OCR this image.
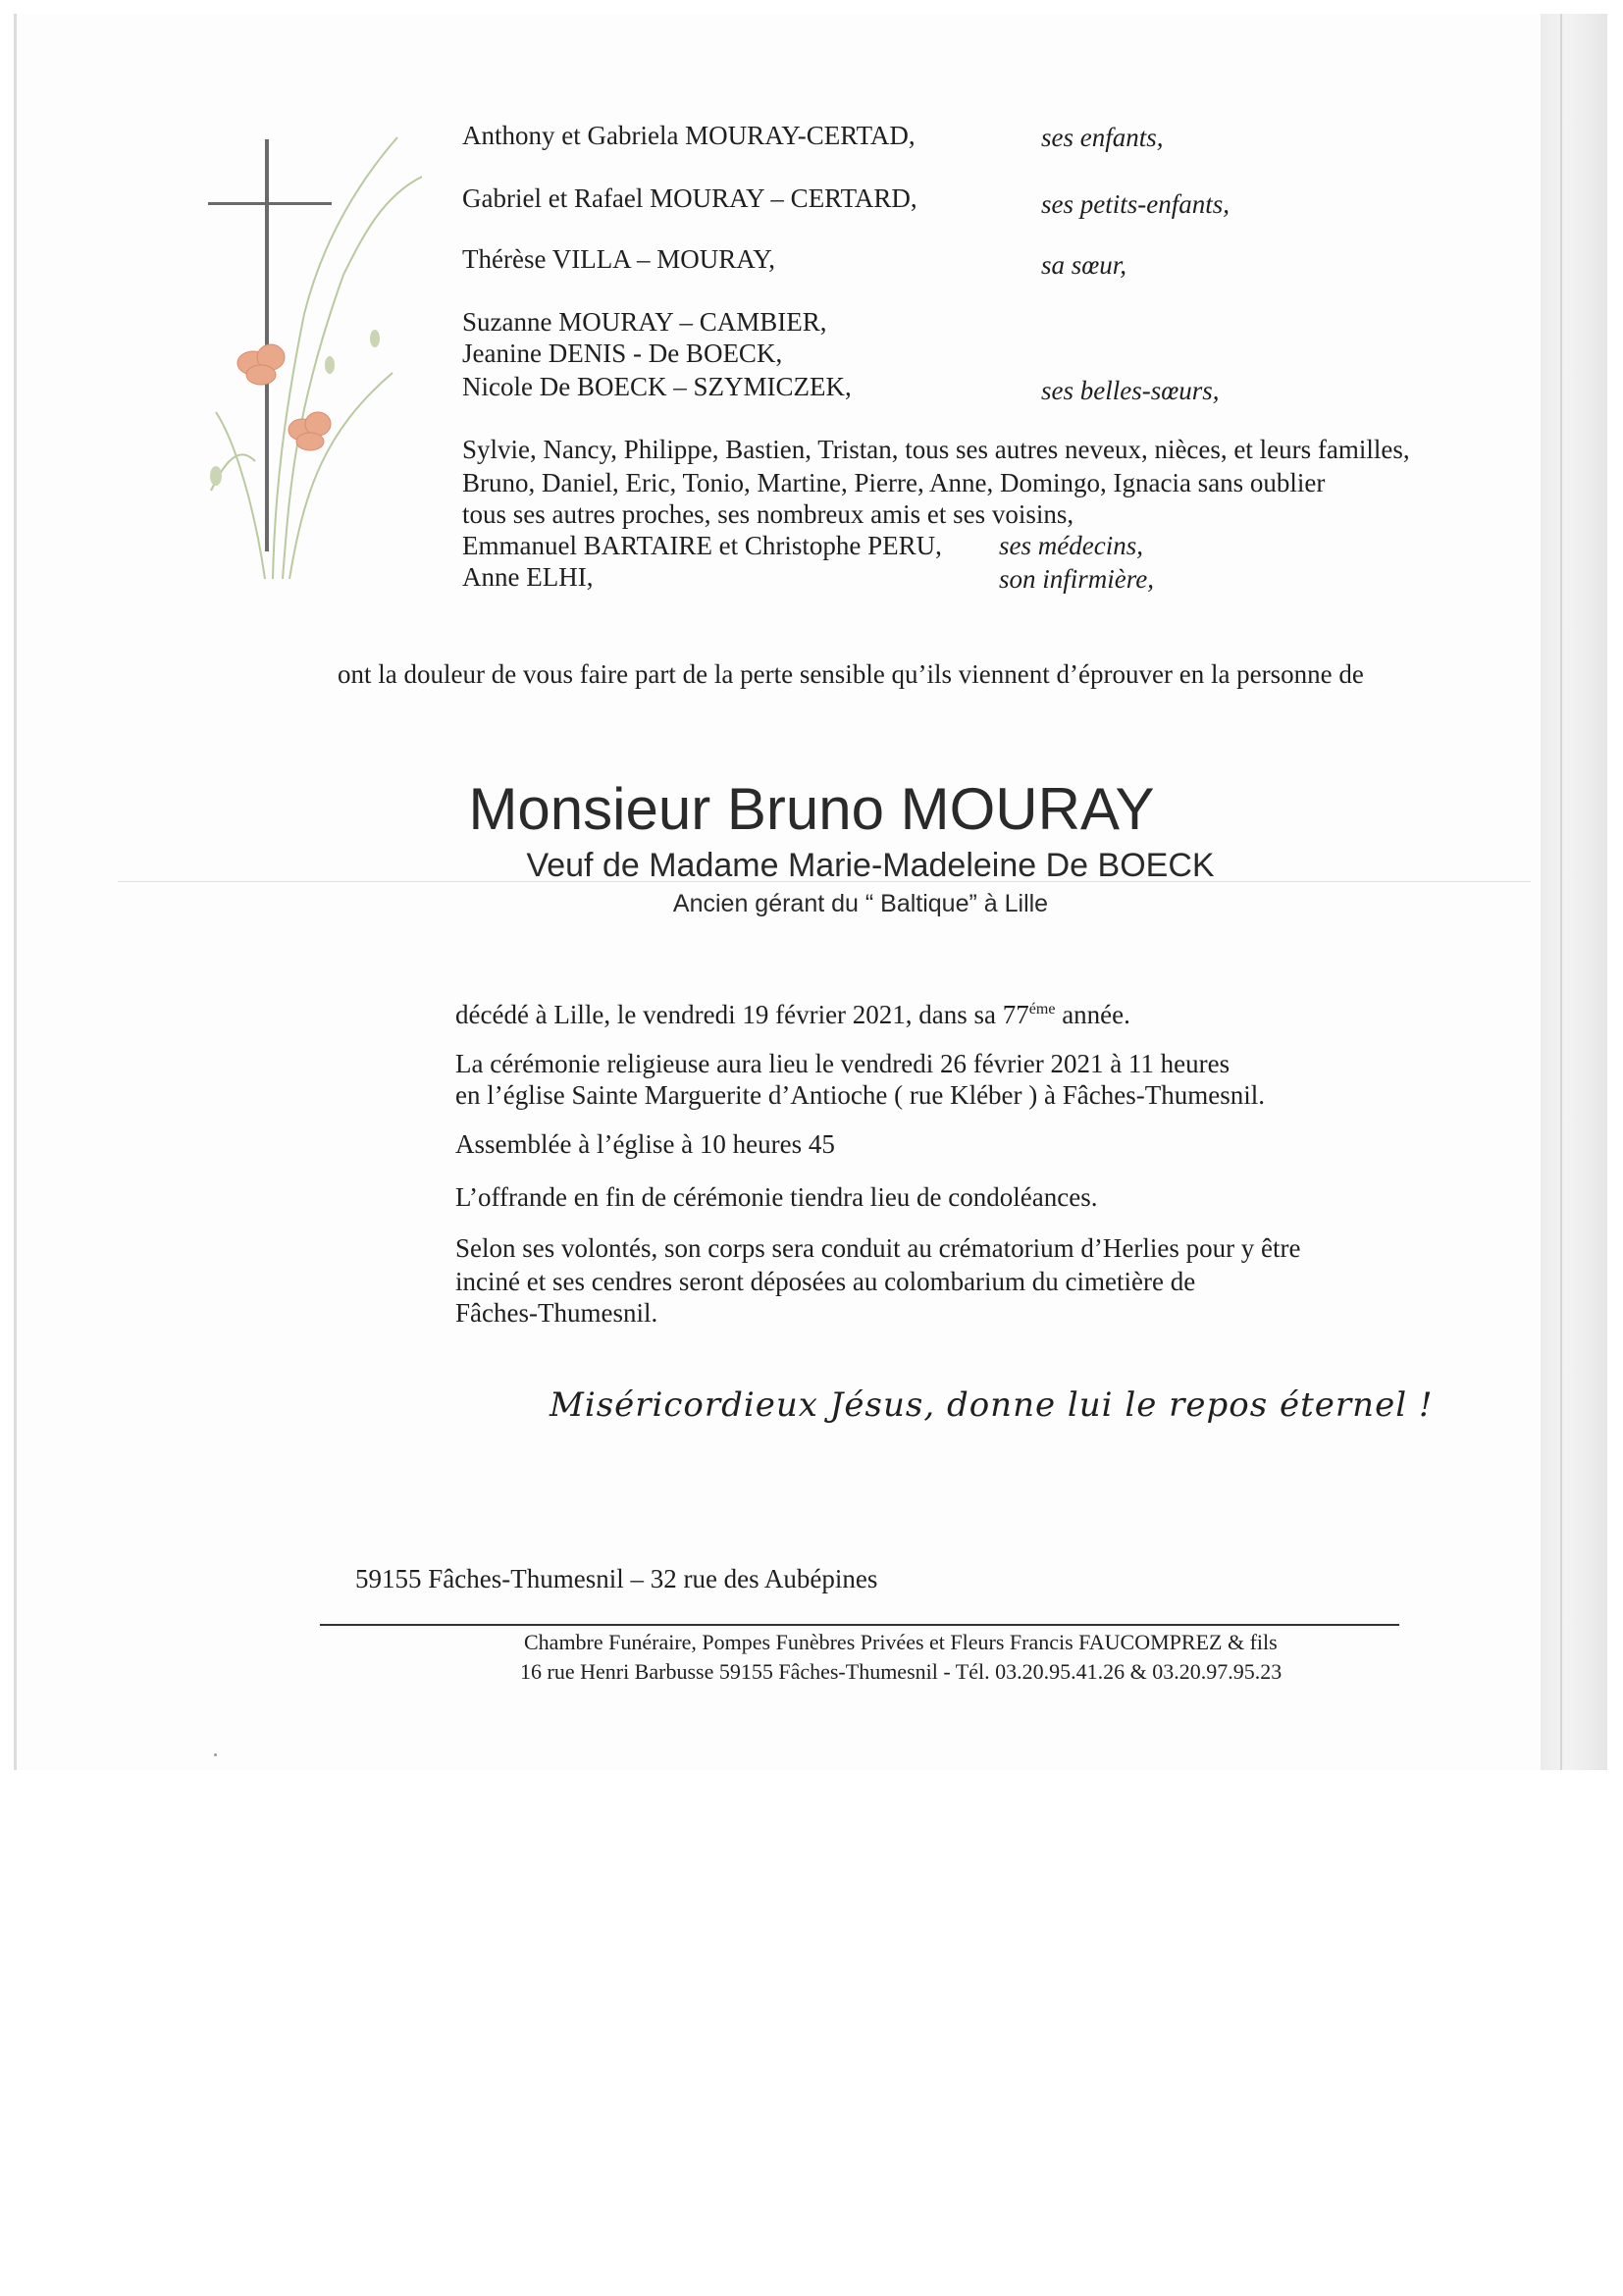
Anthony et Gabriela MOURAY-CERTAD,	ses enfants,
Gabriel et Rafael MOURAY – CERTARD,	ses petits-enfants,
Thérèse VILLA – MOURAY,	sa sœur,
Suzanne MOURAY – CAMBIER,
Jeanine DENIS - De BOECK,
Nicole De BOECK – SZYMICZEK,	ses belles-sœurs,
Sylvie, Nancy, Philippe, Bastien, Tristan, tous ses autres neveux, nièces, et leurs familles,
Bruno, Daniel, Eric, Tonio, Martine, Pierre, Anne, Domingo, Ignacia sans oublier
tous ses autres proches, ses nombreux amis et ses voisins,
Emmanuel BARTAIRE et Christophe PERU, ses médecins,
Anne ELHI,	son infirmière,
ont la douleur de vous faire part de la perte sensible qu’ils viennent d’éprouver en la personne de
Monsieur Bruno MOURAY
Veuf de Madame Marie-Madeleine De BOECK
Ancien gérant du “ Baltique” à Lille
décédé à Lille, le vendredi 19 février 2021, dans sa $77^{éme}$ année.
La cérémonie religieuse aura lieu le vendredi 26 février 2021 à 11 heures
en l’église Sainte Marguerite d’Antioche ( rue Kléber ) à Fâches-Thumesnil.
Assemblée à l’église à 10 heures 45
L’offrande en fin de cérémonie tiendra lieu de condoléances.
Selon ses volontés, son corps sera conduit au crématorium d’Herlies pour y être
inciné et ses cendres seront déposées au colombarium du cimetière de
Fâches-Thumesnil.
Miséricordieux Jésus, donne lui le repos éternel !
59155 Fâches-Thumesnil – 32 rue des Aubépines
Chambre Funéraire, Pompes Funèbres Privées et Fleurs Francis FAUCOMPREZ & fils
16 rue Henri Barbusse 59155 Fâches-Thumesnil - Tél. 03.20.95.41.26 & 03.20.97.95.23
